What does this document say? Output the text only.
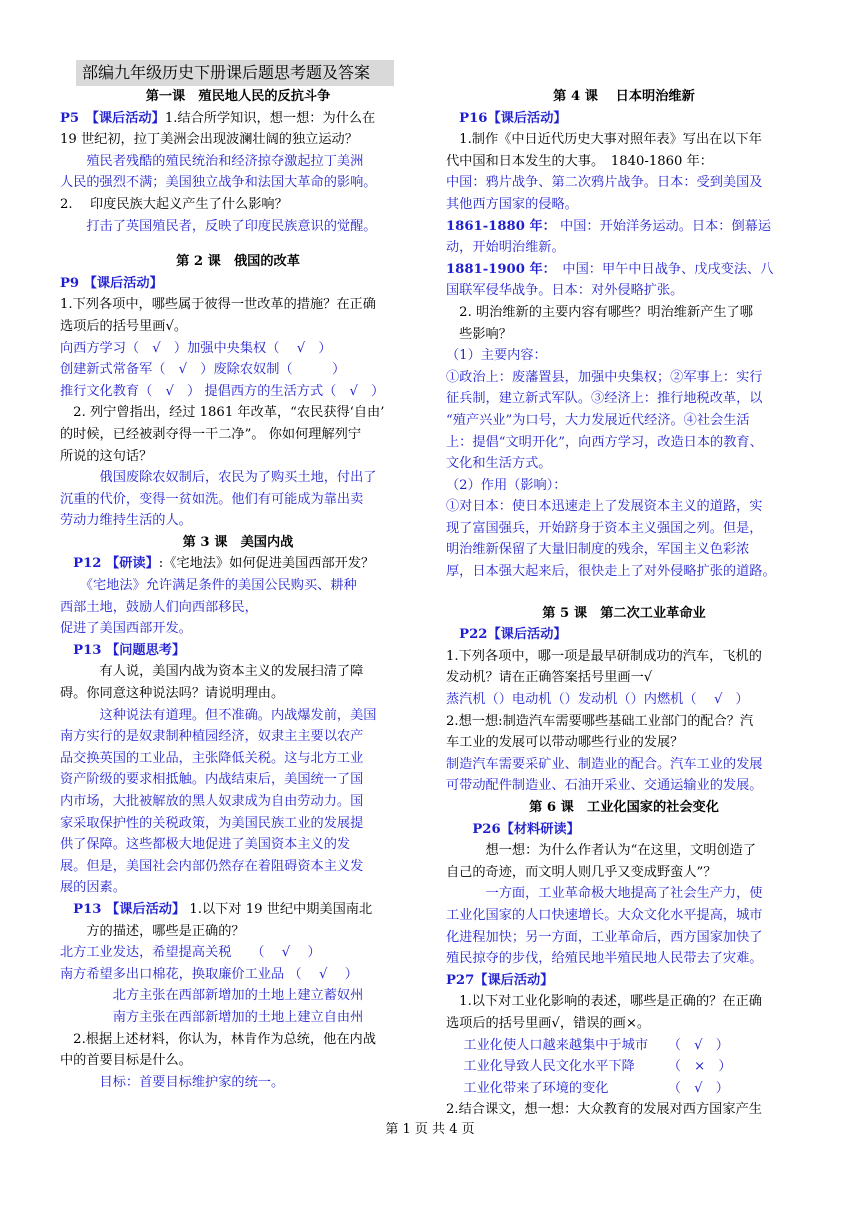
部编九年级历史下册课后题思考题及答案
第一课　殖民地人民的反抗斗争
P5　【课后活动】1.结合所学知识，想一想：为什么在
19 世纪初，拉丁美洲会出现波澜壮阔的独立运动？
　　殖民者残酷的殖民统治和经济掠夺激起拉丁美洲
人民的强烈不满；美国独立战争和法国大革命的影响。
2.　 印度民族大起义产生了什么影响？
　　打击了英国殖民者，反映了印度民族意识的觉醒。
第 2 课　俄国的改革
P9 【课后活动】
1.下列各项中，哪些属于彼得一世改革的措施？在正确
选项后的括号里画√。
向西方学习（　√　）加强中央集权（　 √　）
创建新式常备军（　√　）废除农奴制（　　　）
推行文化教育（　√　） 提倡西方的生活方式（　√　）
　2. 列宁曾指出，经过 1861 年改革，“农民获得‘自由’
的时候，已经被剥夺得一干二净”。 你如何理解列宁
所说的这句话？
　　　俄国废除农奴制后，农民为了购买土地，付出了
沉重的代价，变得一贫如洗。他们有可能成为靠出卖
劳动力维持生活的人。
第 3 课　美国内战
　P12 【研读】:《宅地法》如何促进美国西部开发？
　　《宅地法》允许满足条件的美国公民购买、耕种
西部土地，鼓励人们向西部移民，
促进了美国西部开发。
　P13 【问题思考】
　　　有人说，美国内战为资本主义的发展扫清了障
碍。你同意这种说法吗？请说明理由。
　　　这种说法有道理。但不准确。内战爆发前，美国
南方实行的是奴隶制种植园经济，奴隶主主要以农产
品交换英国的工业品，主张降低关税。这与北方工业
资产阶级的要求相抵触。内战结束后，美国统一了国
内市场，大批被解放的黑人奴隶成为自由劳动力。国
家采取保护性的关税政策，为美国民族工业的发展提
供了保障。这些都极大地促进了美国资本主义的发
展。但是，美国社会内部仍然存在着阻碍资本主义发
展的因素。
　P13 【课后活动】 1.以下对 19 世纪中期美国南北
　　方的描述，哪些是正确的？
北方工业发达，希望提高关税　　（　 √　 ）
南方希望多出口棉花，换取廉价工业品 （　 √　 ）
　　　　北方主张在西部新增加的土地上建立蓄奴州
　　　　南方主张在西部新增加的土地上建立自由州
　2.根据上述材料，你认为，林肯作为总统，他在内战
中的首要目标是什么。
　　　目标：首要目标维护家的统一。
第 4 课　 日本明治维新
　P16【课后活动】
　1.制作《中日近代历史大事对照年表》写出在以下年
代中国和日本发生的大事。　1840-1860 年：
中国：鸦片战争、第二次鸦片战争。日本：受到美国及
其他西方国家的侵略。
1861-1880 年： 中国：开始洋务运动。日本：倒幕运
动，开始明治维新。
1881-1900 年：　中国：甲午中日战争、戊戌变法、八
国联军侵华战争。日本：对外侵略扩张。
　2. 明治维新的主要内容有哪些？明治维新产生了哪
　些影响？
（1）主要内容：
①政治上：废藩置县，加强中央集权；②军事上：实行
征兵制，建立新式军队。③经济上：推行地税改革，以
“殖产兴业”为口号，大力发展近代经济。④社会生活
上：提倡“文明开化”，向西方学习，改造日本的教育、
文化和生活方式。
（2）作用（影响）：
①对日本：使日本迅速走上了发展资本主义的道路，实
现了富国强兵，开始跻身于资本主义强国之列。但是，
明治维新保留了大量旧制度的残余，军国主义色彩浓
厚，日本强大起来后，很快走上了对外侵略扩张的道路。
第 5 课　第二次工业革命业
　P22【课后活动】
1.下列各项中，哪一项是最早研制成功的汽车，飞机的
发动机？请在正确答案括号里画一√
蒸汽机（）电动机（）发动机（）内燃机（　 √　）
2.想一想:制造汽车需要哪些基础工业部门的配合？汽
车工业的发展可以带动哪些行业的发展？
制造汽车需要采矿业、制造业的配合。汽车工业的发展
可带动配件制造业、石油开采业、交通运输业的发展。
第 6 课　工业化国家的社会变化
　　P26【材料研读】
　　　想一想：为什么作者认为“在这里，文明创造了
自己的奇迹，而文明人则几乎又变成野蛮人”？
　　　一方面，工业革命极大地提高了社会生产力，使
工业化国家的人口快速增长。大众文化水平提高，城市
化进程加快；另一方面，工业革命后，西方国家加快了
殖民掠夺的步伐，给殖民地半殖民地人民带去了灾难。
P27【课后活动】
　1.以下对工业化影响的表述，哪些是正确的？在正确
选项后的括号里画√，错误的画×。
　 工业化使人口越来越集中于城市　　（　√　）
　 工业化导致人民文化水平下降　　　（　×　）
　 工业化带来了环境的变化　　　　　（　√　）
2.结合课文，想一想：大众教育的发展对西方国家产生
第 1 页 共 4 页
